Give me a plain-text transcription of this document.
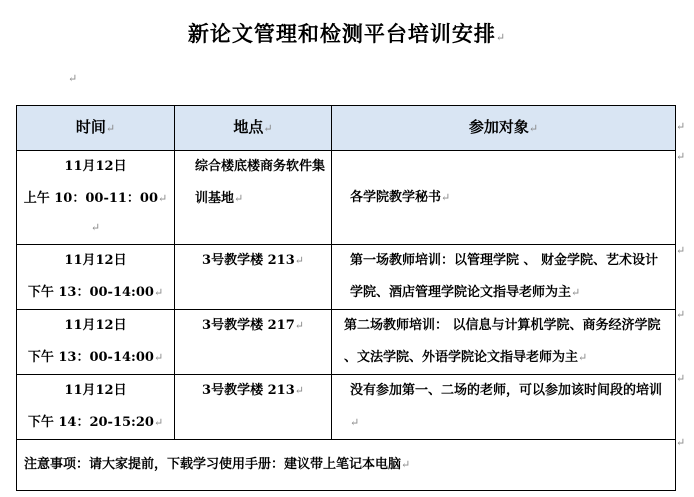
新论文管理和检测平台培训安排↵
↵
时间↵	地点↵	参加对象↵

11月12日
上午 10：00-11：00↵
↵	综合楼底楼商务软件集训基地↵	各学院教学秘书↵

11月12日
下午 13：00-14:00↵	3号教学楼 213↵	第一场教师培训：以管理学院 、 财金学院、艺术设计学院、酒店管理学院论文指导老师为主↵

11月12日
下午 13：00-14:00↵	3号教学楼 217↵	第二场教师培训： 以信息与计算机学院、商务经济学院 、文法学院、外语学院论文指导老师为主↵

11月12日
下午 14：20-15:20↵	3号教学楼 213↵	没有参加第一、二场的老师，可以参加该时间段的培训↵
注意事项：请大家提前，下载学习使用手册：建议带上笔记本电脑↵		
↵
↵
↵
↵
↵
↵
